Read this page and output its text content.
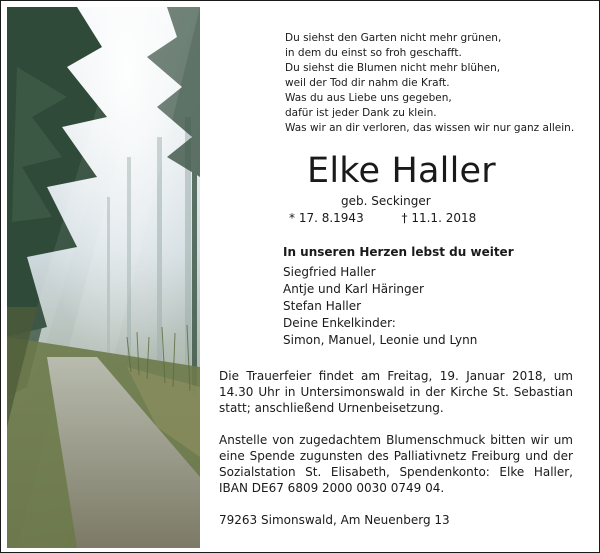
Du siehst den Garten nicht mehr grünen,
in dem du einst so froh geschafft.
Du siehst die Blumen nicht mehr blühen,
weil der Tod dir nahm die Kraft.
Was du aus Liebe uns gegeben,
dafür ist jeder Dank zu klein.
Was wir an dir verloren, das wissen wir nur ganz allein.
Elke Haller
geb. Seckinger
* 17. 8.1943	† 11.1. 2018
In unseren Herzen lebst du weiter
Siegfried Haller
Antje und Karl Häringer
Stefan Haller
Deine Enkelkinder:
Simon, Manuel, Leonie und Lynn
Die Trauerfeier findet am Freitag, 19. Januar 2018, um 14.30 Uhr in Untersimonswald in der Kirche St. Sebastian statt; anschließend Urnenbeisetzung.
Anstelle von zugedachtem Blumenschmuck bitten wir um eine Spende zugunsten des Palliativnetz Freiburg und der Sozialstation St. Elisabeth, Spendenkonto: Elke Haller, IBAN DE67 6809 2000 0030 0749 04.
79263 Simonswald, Am Neuenberg 13
